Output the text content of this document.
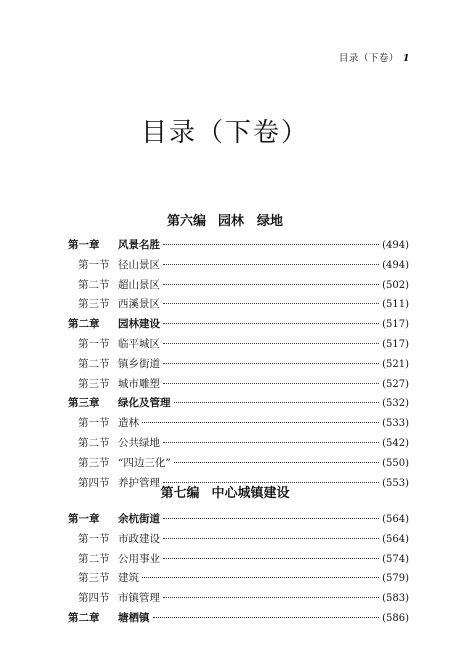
目录（下卷） 1
目录（下卷）
第六编 园林　绿地
第一章 风景名胜	(494)
第一节 径山景区	(494)
第二节 超山景区	(502)
第三节 西溪景区	(511)
第二章 园林建设	(517)
第一节 临平城区	(517)
第二节 镇乡街道	(521)
第三节 城市雕塑	(527)
第三章 绿化及管理	(532)
第一节 造林	(533)
第二节 公共绿地	(542)
第三节 “四边三化”	(550)
第四节 养护管理	(553)
第七编 中心城镇建设
第一章 余杭街道	(564)
第一节 市政建设	(564)
第二节 公用事业	(574)
第三节 建筑	(579)
第四节 市镇管理	(583)
第二章 塘栖镇	(586)
